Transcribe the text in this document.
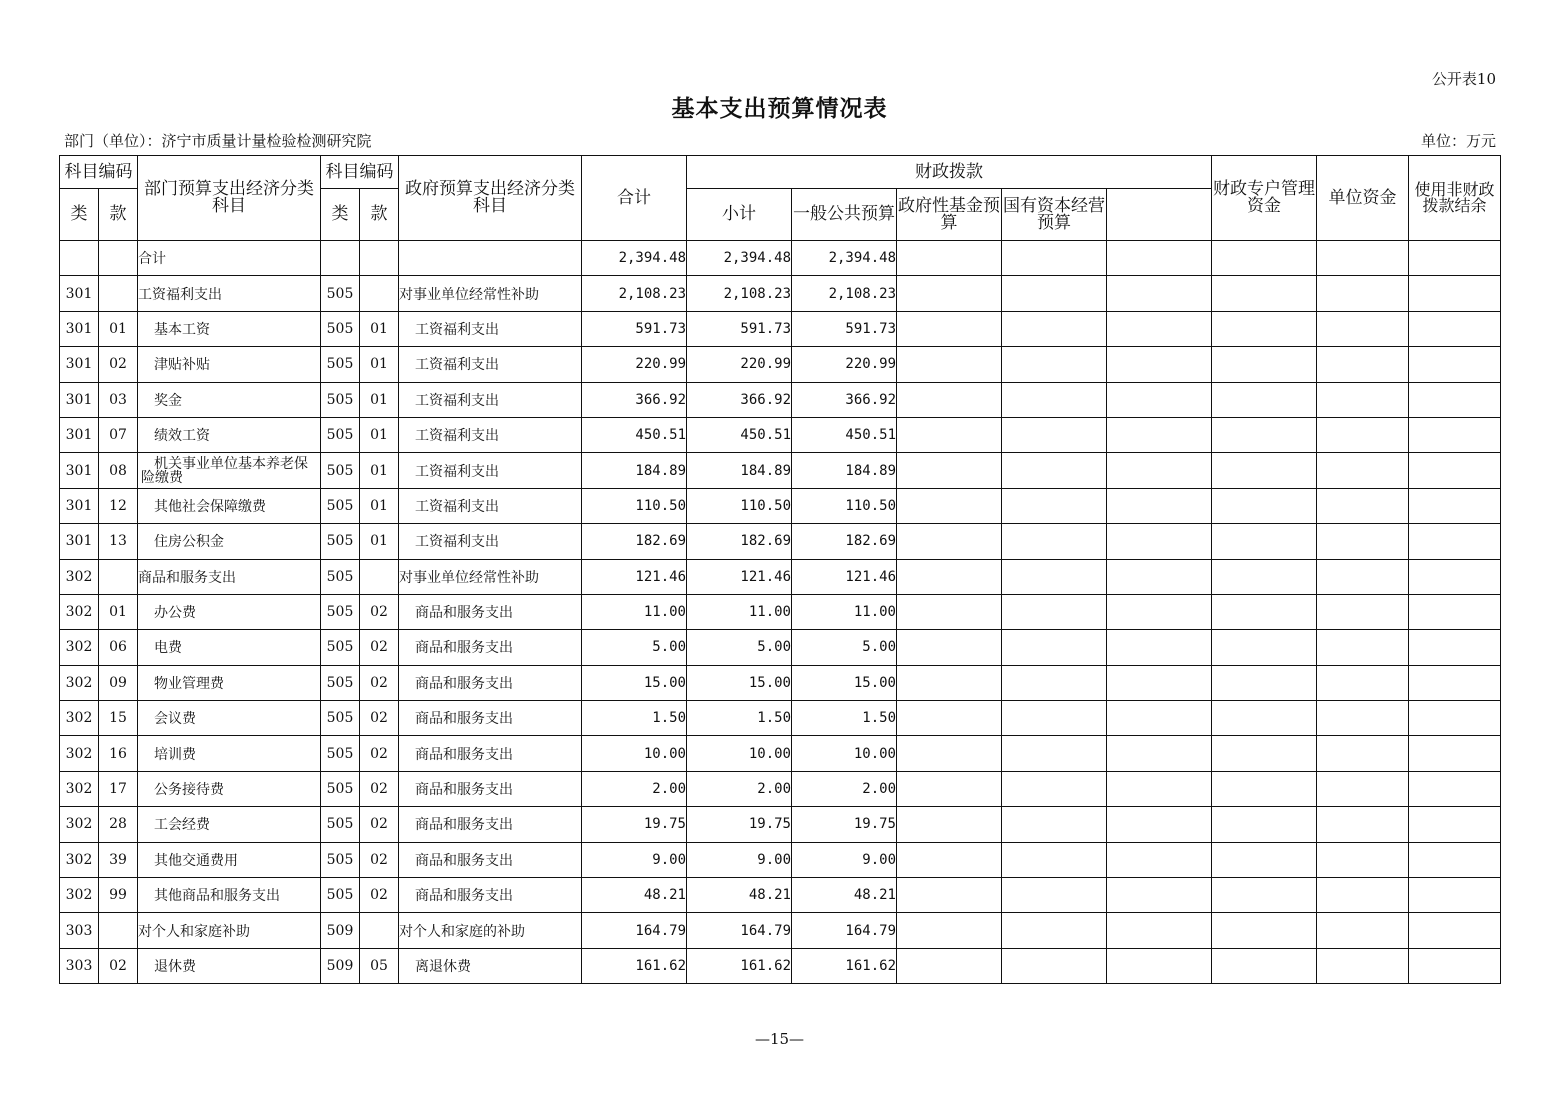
公开表10
基本支出预算情况表
部门（单位）：济宁市质量计量检验检测研究院	单位：万元
科目编码		部门预算支出经济分类科目	科目编码		政府预算支出经济分类科目	合计	财政拨款					财政专户管理资金	单位资金	使用非财政拨款结余	
类	款		类	款			小计	一般公共预算	政府性基金预算	国有资本经营预算					
		合计				2,394.48	2,394.48	2,394.48							
301		工资福利支出	505		对事业单位经常性补助	2,108.23	2,108.23	2,108.23							
301	01	基本工资	505	01	工资福利支出	591.73	591.73	591.73							
301	02	津贴补贴	505	01	工资福利支出	220.99	220.99	220.99							
301	03	奖金	505	01	工资福利支出	366.92	366.92	366.92							
301	07	绩效工资	505	01	工资福利支出	450.51	450.51	450.51							
301	08	机关事业单位基本养老保险缴费	505	01	工资福利支出	184.89	184.89	184.89							
301	12	其他社会保障缴费	505	01	工资福利支出	110.50	110.50	110.50							
301	13	住房公积金	505	01	工资福利支出	182.69	182.69	182.69							
302		商品和服务支出	505		对事业单位经常性补助	121.46	121.46	121.46							
302	01	办公费	505	02	商品和服务支出	11.00	11.00	11.00							
302	06	电费	505	02	商品和服务支出	5.00	5.00	5.00							
302	09	物业管理费	505	02	商品和服务支出	15.00	15.00	15.00							
302	15	会议费	505	02	商品和服务支出	1.50	1.50	1.50							
302	16	培训费	505	02	商品和服务支出	10.00	10.00	10.00							
302	17	公务接待费	505	02	商品和服务支出	2.00	2.00	2.00							
302	28	工会经费	505	02	商品和服务支出	19.75	19.75	19.75							
302	39	其他交通费用	505	02	商品和服务支出	9.00	9.00	9.00							
302	99	其他商品和服务支出	505	02	商品和服务支出	48.21	48.21	48.21							
303		对个人和家庭补助	509		对个人和家庭的补助	164.79	164.79	164.79							
303	02	退休费	509	05	离退休费	161.62	161.62	161.62							
—15—
